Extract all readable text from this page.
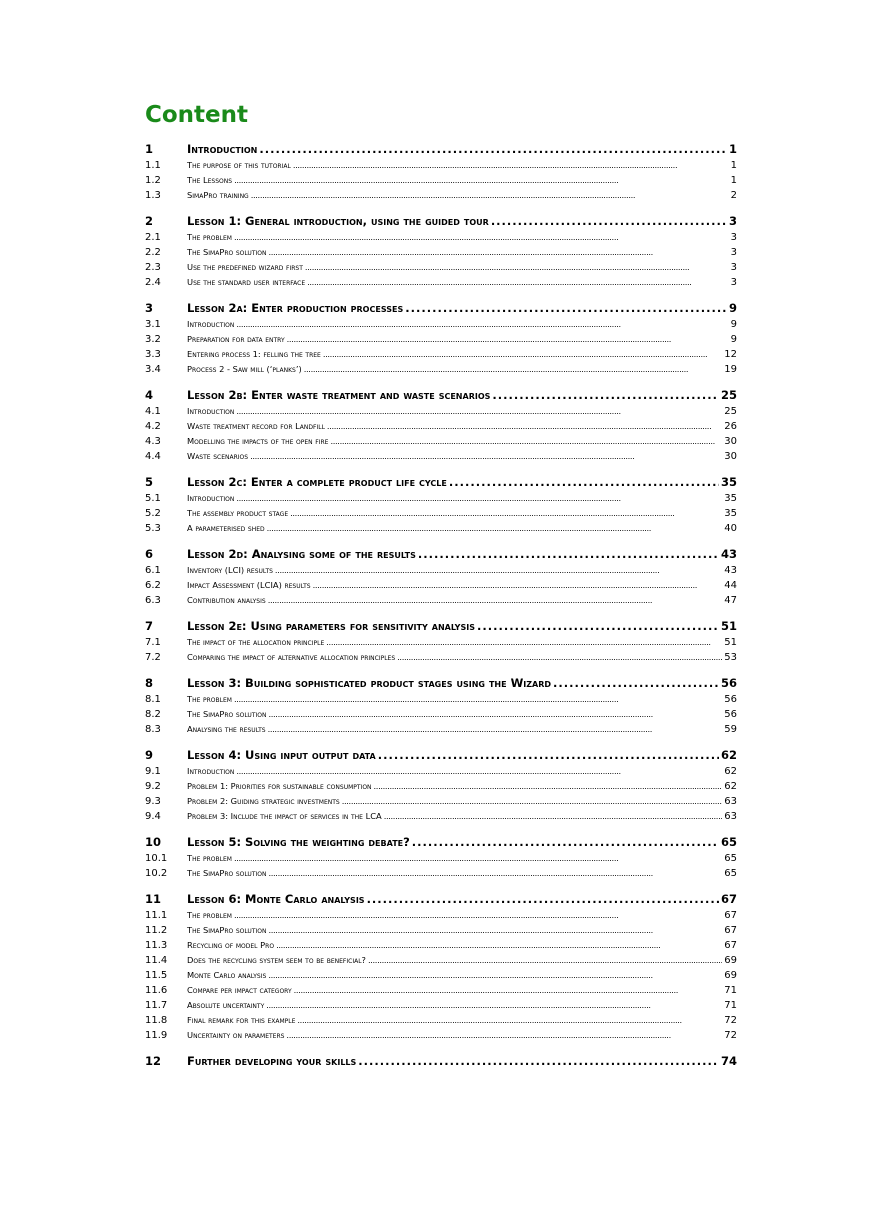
Content
1	Introduction . . .	1
1.1	The purpose of this tutorial . . .	1
1.2	The Lessons . . .	1
1.3	SimaPro training . . .	2
2	Lesson 1: General introduction, using the guided tour . . .	3
2.1	The problem . . .	3
2.2	The SimaPro solution . . .	3
2.3	Use the predefined wizard first . . .	3
2.4	Use the standard user interface . . .	3
3	Lesson 2a: Enter production processes . . .	9
3.1	Introduction . . .	9
3.2	Preparation for data entry . . .	9
3.3	Entering process 1: felling the tree . . .	12
3.4	Process 2 - Saw mill (‘planks’) . . .	19
4	Lesson 2b: Enter waste treatment and waste scenarios . . .	25
4.1	Introduction . . .	25
4.2	Waste treatment record for Landfill . . .	26
4.3	Modelling the impacts of the open fire . . .	30
4.4	Waste scenarios . . .	30
5	Lesson 2c: Enter a complete product life cycle . . .	35
5.1	Introduction . . .	35
5.2	The assembly product stage . . .	35
5.3	A parameterised shed . . .	40
6	Lesson 2d: Analysing some of the results . . .	43
6.1	Inventory (LCI) results . . .	43
6.2	Impact Assessment (LCIA) results . . .	44
6.3	Contribution analysis . . .	47
7	Lesson 2e: Using parameters for sensitivity analysis . . .	51
7.1	The impact of the allocation principle . . .	51
7.2	Comparing the impact of alternative allocation principles . . .	53
8	Lesson 3: Building sophisticated product stages using the Wizard . . .	56
8.1	The problem . . .	56
8.2	The SimaPro solution . . .	56
8.3	Analysing the results . . .	59
9	Lesson 4: Using input output data . . .	62
9.1	Introduction . . .	62
9.2	Problem 1: Priorities for sustainable consumption . . .	62
9.3	Problem 2: Guiding strategic investments . . .	63
9.4	Problem 3: Include the impact of services in the LCA . . .	63
10	Lesson 5: Solving the weighting debate? . . .	65
10.1	The problem . . .	65
10.2	The SimaPro solution . . .	65
11	Lesson 6: Monte Carlo analysis . . .	67
11.1	The problem . . .	67
11.2	The SimaPro solution . . .	67
11.3	Recycling of model Pro . . .	67
11.4	Does the recycling system seem to be beneficial? . . .	69
11.5	Monte Carlo analysis . . .	69
11.6	Compare per impact category . . .	71
11.7	Absolute uncertainty . . .	71
11.8	Final remark for this example . . .	72
11.9	Uncertainty on parameters . . .	72
12	Further developing your skills . . .	74
